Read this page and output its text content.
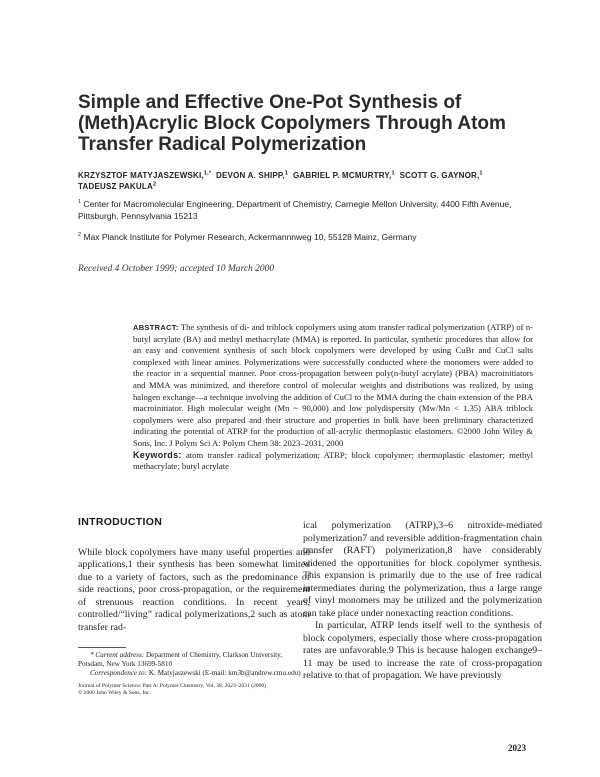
Simple and Effective One-Pot Synthesis of (Meth)Acrylic Block Copolymers Through Atom Transfer Radical Polymerization
KRZYSZTOF MATYJASZEWSKI,$^{1,*}$ DEVON A. SHIPP,$^1$ GABRIEL P. MCMURTRY,$^1$ SCOTT G. GAYNOR,$^1$
TADEUSZ PAKULA$^2$
$^1$ Center for Macromolecular Engineering, Department of Chemistry, Carnegie Mellon University, 4400 Fifth Avenue, Pittsburgh, Pennsylvania 15213
$^2$ Max Planck Institute for Polymer Research, Ackermannnweg 10, 55128 Mainz, Germany
Received 4 October 1999; accepted 10 March 2000
ABSTRACT: The synthesis of di- and triblock copolymers using atom transfer radical polymerization (ATRP) of n-butyl acrylate (BA) and methyl methacrylate (MMA) is reported. In particular, synthetic procedures that allow for an easy and convenient synthesis of such block copolymers were developed by using CuBr and CuCl salts complexed with linear amines. Polymerizations were successfully conducted where the monomers were added to the reactor in a sequential manner. Poor cross-propagation between poly(n-butyl acrylate) (PBA) macroinitiators and MMA was minimized, and therefore control of molecular weights and distributions was realized, by using halogen exchange—a technique involving the addition of CuCl to the MMA during the chain extension of the PBA macroinitiator. High molecular weight (Mn ~ 90,000) and low polydispersity (Mw/Mn < 1.35) ABA triblock copolymers were also prepared and their structure and properties in bulk have been preliminary characterized indicating the potential of ATRP for the production of all-acrylic thermoplastic elastomers. ©2000 John Wiley & Sons, Inc. J Polym Sci A: Polym Chem 38: 2023–2031, 2000
Keywords: atom transfer radical polymerization; ATRP; block copolymer; thermoplastic elastomer; methyl methacrylate; butyl acrylate
INTRODUCTION

While block copolymers have many useful properties and applications,1 their synthesis has been somewhat limited due to a variety of factors, such as the predominance of side reactions, poor cross-propagation, or the requirement of strenuous reaction conditions. In recent years, controlled/“living” radical polymerizations,2 such as atom transfer rad-

ical polymerization (ATRP),3–6 nitroxide-mediated polymerization7 and reversible addition-fragmentation chain transfer (RAFT) polymerization,8 have considerably widened the opportunities for block copolymer synthesis. This expansion is primarily due to the use of free radical intermediates during the polymerization, thus a large range of vinyl monomers may be utilized and the polymerization can take place under nonexacting reaction conditions.

In particular, ATRP lends itself well to the synthesis of block copolymers, especially those where cross-propagation rates are unfavorable.9 This is because halogen exchange9–11 may be used to increase the rate of cross-propagation relative to that of propagation. We have previously

* Current address: Department of Chemistry, Clarkson University, Potsdam, New York 13699-5810

Correspondence to: K. Matyjaszewski (E-mail: km3b@andrew.cmu.edu)

Journal of Polymer Science: Part A: Polymer Chemistry, Vol. 38, 2023–2031 (2000)
© 2000 John Wiley & Sons, Inc.

2023
